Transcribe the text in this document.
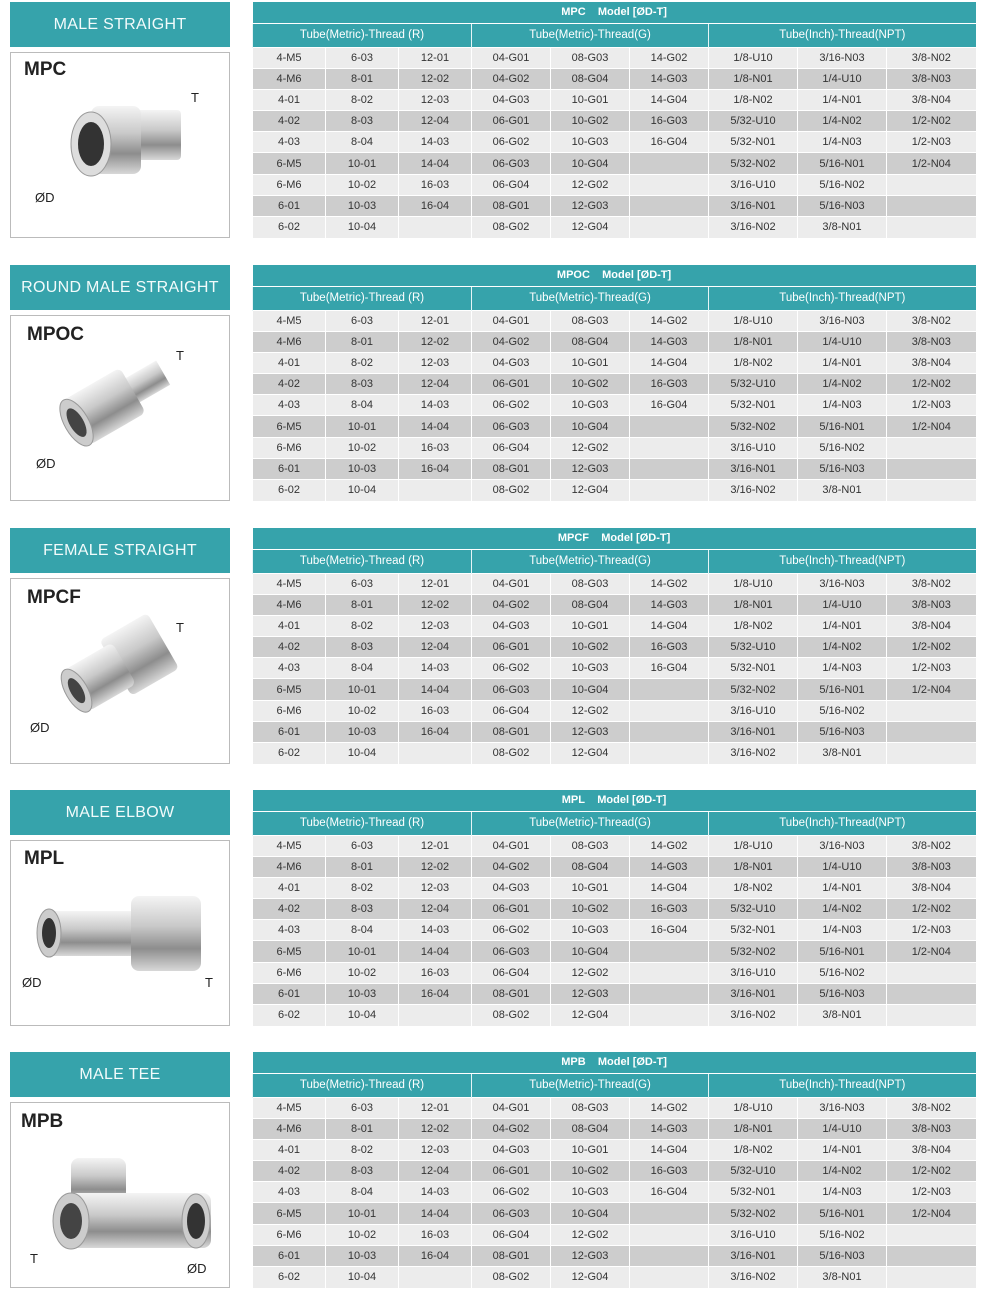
MALE STRAIGHT
MPC
T
ØD
MPC Model [ØD-T]								
Tube(Metric)-Thread (R)			Tube(Metric)-Thread(G)			Tube(Inch)-Thread(NPT)		
4-M5	6-03	12-01	04-G01	08-G03	14-G02	1/8-U10	3/16-N03	3/8-N02
4-M6	8-01	12-02	04-G02	08-G04	14-G03	1/8-N01	1/4-U10	3/8-N03
4-01	8-02	12-03	04-G03	10-G01	14-G04	1/8-N02	1/4-N01	3/8-N04
4-02	8-03	12-04	06-G01	10-G02	16-G03	5/32-U10	1/4-N02	1/2-N02
4-03	8-04	14-03	06-G02	10-G03	16-G04	5/32-N01	1/4-N03	1/2-N03
6-M5	10-01	14-04	06-G03	10-G04		5/32-N02	5/16-N01	1/2-N04
6-M6	10-02	16-03	06-G04	12-G02		3/16-U10	5/16-N02	
6-01	10-03	16-04	08-G01	12-G03		3/16-N01	5/16-N03	
6-02	10-04		08-G02	12-G04		3/16-N02	3/8-N01	
ROUND MALE STRAIGHT
MPOC
T
ØD
MPOC Model [ØD-T]								
Tube(Metric)-Thread (R)			Tube(Metric)-Thread(G)			Tube(Inch)-Thread(NPT)		
4-M5	6-03	12-01	04-G01	08-G03	14-G02	1/8-U10	3/16-N03	3/8-N02
4-M6	8-01	12-02	04-G02	08-G04	14-G03	1/8-N01	1/4-U10	3/8-N03
4-01	8-02	12-03	04-G03	10-G01	14-G04	1/8-N02	1/4-N01	3/8-N04
4-02	8-03	12-04	06-G01	10-G02	16-G03	5/32-U10	1/4-N02	1/2-N02
4-03	8-04	14-03	06-G02	10-G03	16-G04	5/32-N01	1/4-N03	1/2-N03
6-M5	10-01	14-04	06-G03	10-G04		5/32-N02	5/16-N01	1/2-N04
6-M6	10-02	16-03	06-G04	12-G02		3/16-U10	5/16-N02	
6-01	10-03	16-04	08-G01	12-G03		3/16-N01	5/16-N03	
6-02	10-04		08-G02	12-G04		3/16-N02	3/8-N01	
FEMALE STRAIGHT
MPCF
T
ØD
MPCF Model [ØD-T]								
Tube(Metric)-Thread (R)			Tube(Metric)-Thread(G)			Tube(Inch)-Thread(NPT)		
4-M5	6-03	12-01	04-G01	08-G03	14-G02	1/8-U10	3/16-N03	3/8-N02
4-M6	8-01	12-02	04-G02	08-G04	14-G03	1/8-N01	1/4-U10	3/8-N03
4-01	8-02	12-03	04-G03	10-G01	14-G04	1/8-N02	1/4-N01	3/8-N04
4-02	8-03	12-04	06-G01	10-G02	16-G03	5/32-U10	1/4-N02	1/2-N02
4-03	8-04	14-03	06-G02	10-G03	16-G04	5/32-N01	1/4-N03	1/2-N03
6-M5	10-01	14-04	06-G03	10-G04		5/32-N02	5/16-N01	1/2-N04
6-M6	10-02	16-03	06-G04	12-G02		3/16-U10	5/16-N02	
6-01	10-03	16-04	08-G01	12-G03		3/16-N01	5/16-N03	
6-02	10-04		08-G02	12-G04		3/16-N02	3/8-N01	
MALE ELBOW
MPL
T
ØD
MPL Model [ØD-T]								
Tube(Metric)-Thread (R)			Tube(Metric)-Thread(G)			Tube(Inch)-Thread(NPT)		
4-M5	6-03	12-01	04-G01	08-G03	14-G02	1/8-U10	3/16-N03	3/8-N02
4-M6	8-01	12-02	04-G02	08-G04	14-G03	1/8-N01	1/4-U10	3/8-N03
4-01	8-02	12-03	04-G03	10-G01	14-G04	1/8-N02	1/4-N01	3/8-N04
4-02	8-03	12-04	06-G01	10-G02	16-G03	5/32-U10	1/4-N02	1/2-N02
4-03	8-04	14-03	06-G02	10-G03	16-G04	5/32-N01	1/4-N03	1/2-N03
6-M5	10-01	14-04	06-G03	10-G04		5/32-N02	5/16-N01	1/2-N04
6-M6	10-02	16-03	06-G04	12-G02		3/16-U10	5/16-N02	
6-01	10-03	16-04	08-G01	12-G03		3/16-N01	5/16-N03	
6-02	10-04		08-G02	12-G04		3/16-N02	3/8-N01	
MALE TEE
MPB
T
ØD
MPB Model [ØD-T]								
Tube(Metric)-Thread (R)			Tube(Metric)-Thread(G)			Tube(Inch)-Thread(NPT)		
4-M5	6-03	12-01	04-G01	08-G03	14-G02	1/8-U10	3/16-N03	3/8-N02
4-M6	8-01	12-02	04-G02	08-G04	14-G03	1/8-N01	1/4-U10	3/8-N03
4-01	8-02	12-03	04-G03	10-G01	14-G04	1/8-N02	1/4-N01	3/8-N04
4-02	8-03	12-04	06-G01	10-G02	16-G03	5/32-U10	1/4-N02	1/2-N02
4-03	8-04	14-03	06-G02	10-G03	16-G04	5/32-N01	1/4-N03	1/2-N03
6-M5	10-01	14-04	06-G03	10-G04		5/32-N02	5/16-N01	1/2-N04
6-M6	10-02	16-03	06-G04	12-G02		3/16-U10	5/16-N02	
6-01	10-03	16-04	08-G01	12-G03		3/16-N01	5/16-N03	
6-02	10-04		08-G02	12-G04		3/16-N02	3/8-N01	
